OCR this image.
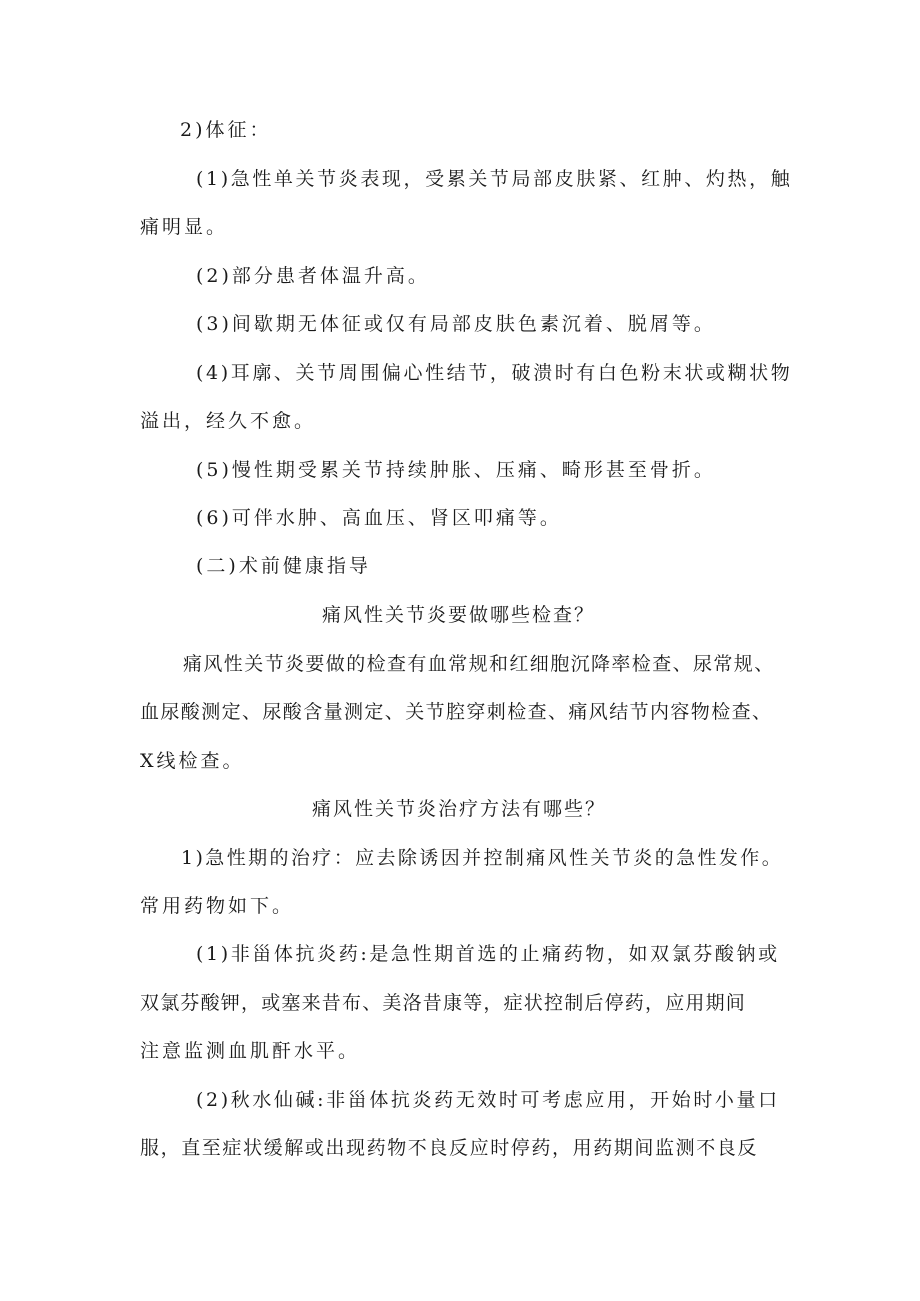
2)体征：

(1)急性单关节炎表现，受累关节局部皮肤紧、红肿、灼热，触

痛明显。

(2)部分患者体温升高。

(3)间歇期无体征或仅有局部皮肤色素沉着、脱屑等。

(4)耳廓、关节周围偏心性结节，破溃时有白色粉末状或糊状物

溢出，经久不愈。

(5)慢性期受累关节持续肿胀、压痛、畸形甚至骨折。

(6)可伴水肿、高血压、肾区叩痛等。

(二)术前健康指导

痛风性关节炎要做哪些检查？

痛风性关节炎要做的检查有血常规和红细胞沉降率检查、尿常规、

血尿酸测定、尿酸含量测定、关节腔穿刺检查、痛风结节内容物检查、

X线检查。

痛风性关节炎治疗方法有哪些？

1)急性期的治疗：应去除诱因并控制痛风性关节炎的急性发作。

常用药物如下。

(1)非甾体抗炎药:是急性期首选的止痛药物，如双氯芬酸钠或

双氯芬酸钾，或塞来昔布、美洛昔康等，症状控制后停药，应用期间

注意监测血肌酐水平。

(2)秋水仙碱:非甾体抗炎药无效时可考虑应用，开始时小量口

服，直至症状缓解或出现药物不良反应时停药，用药期间监测不良反
